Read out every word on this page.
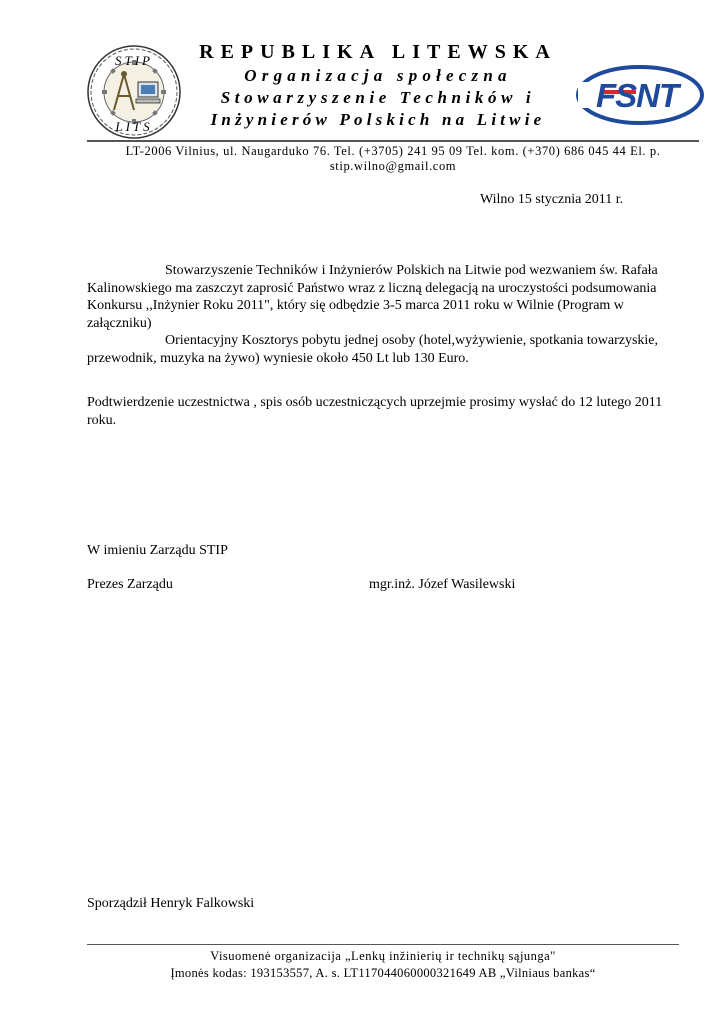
STIP
LITS
REPUBLIKA LITEWSKA
Organizacja społeczna
Stowarzyszenie Techników i
Inżynierów Polskich na Litwie
FSNT
LT-2006 Vilnius, ul. Naugarduko 76. Tel. (+3705) 241 95 09 Tel. kom. (+370) 686 045 44 El. p.
stip.wilno@gmail.com
Wilno 15 stycznia 2011 r.

Stowarzyszenie Techników i Inżynierów Polskich na Litwie pod wezwaniem św. Rafała Kalinowskiego ma zaszczyt zaprosić Państwo wraz z liczną delegacją na uroczystości podsumowania Konkursu ,,Inżynier Roku 2011", który się odbędzie 3-5 marca 2011 roku w Wilnie (Program w załączniku)

Orientacyjny Kosztorys pobytu jednej osoby (hotel,wyżywienie, spotkania towarzyskie, przewodnik, muzyka na żywo) wyniesie około 450 Lt lub 130 Euro.

Podtwierdzenie uczestnictwa , spis osób uczestniczących uprzejmie prosimy wysłać do 12 lutego 2011 roku.
W imieniu Zarządu STIP
Prezes Zarządu	mgr.inż. Józef Wasilewski
Sporządził Henryk Falkowski
Visuomenė organizacija „Lenkų inžinierių ir technikų sąjunga"
Įmonės kodas: 193153557, A. s. LT117044060000321649 AB „Vilniaus bankas“
